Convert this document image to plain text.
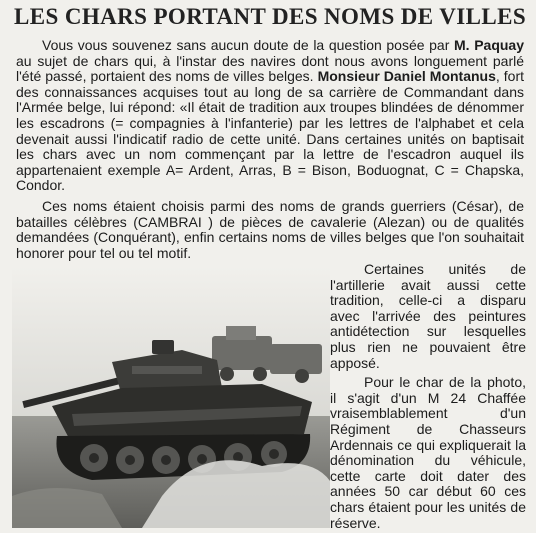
LES CHARS PORTANT DES NOMS DE VILLES

Vous vous souvenez sans aucun doute de la question posée par M. Paquay au sujet de chars qui, à l'instar des navires dont nous avons longuement parlé l'été passé, portaient des noms de villes belges. Monsieur Daniel Montanus, fort des connaissances acquises tout au long de sa carrière de Commandant dans l'Armée belge, lui répond: «Il était de tradition aux troupes blindées de dénommer les escadrons (= compagnies à l'infanterie) par les lettres de l'alphabet et cela devenait aussi l'indicatif radio de cette unité. Dans certaines unités on baptisait les chars avec un nom commençant par la lettre de l'escadron auquel ils appartenaient exemple A= Ardent, Arras, B = Bison, Boduognat, C = Chapska, Condor.

Ces noms étaient choisis parmi des noms de grands guerriers (César), de batailles célèbres (CAMBRAI ) de pièces de cavalerie (Alezan) ou de qualités demandées (Conquérant), enfin certains noms de villes belges que l'on souhaitait honorer pour tel ou tel motif.

Certaines unités de l'artillerie avait aussi cette tradition, celle-ci a disparu avec l'arrivée des peintures antidétection sur lesquelles plus rien ne pouvaient être apposé.

Pour le char de la photo, il s'agit d'un M 24 Chaffée vraisemblablement d'un Régiment de Chasseurs Ardennais ce qui expliquerait la dénomination du véhicule, cette carte doit dater des années 50 car début 60 ces chars étaient pour les unités de réserve.
